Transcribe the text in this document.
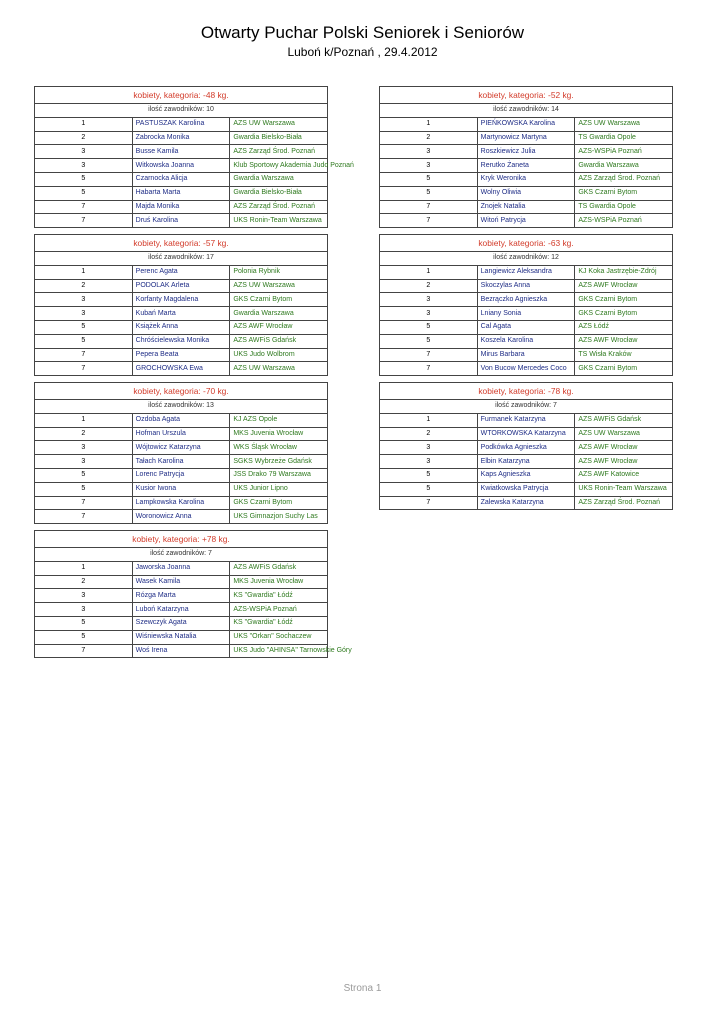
Otwarty Puchar Polski Seniorek i Seniorów
Luboń k/Poznań , 29.4.2012
kobiety, kategoria: -48 kg.		
ilość zawodników: 10		
1	PASTUSZAK Karolina	AZS UW Warszawa
2	Zabrocka Monika	Gwardia Bielsko-Biała
3	Busse Kamila	AZS Zarząd Środ. Poznań
3	Witkowska Joanna	Klub Sportowy Akademia Judo Poznań
5	Czarnocka Alicja	Gwardia Warszawa
5	Habarta Marta	Gwardia Bielsko-Biała
7	Majda Monika	AZS Zarząd Środ. Poznań
7	Druś Karolina	UKS Ronin-Team Warszawa
kobiety, kategoria: -52 kg.		
ilość zawodników: 14		
1	PIEŃKOWSKA Karolina	AZS UW Warszawa
2	Martynowicz Martyna	TS Gwardia Opole
3	Roszkiewicz Julia	AZS-WSPiA Poznań
3	Rerutko Żaneta	Gwardia Warszawa
5	Kryk Weronika	AZS Zarząd Środ. Poznań
5	Wolny Oliwia	GKS Czarni Bytom
7	Znojek Natalia	TS Gwardia Opole
7	Witoń Patrycja	AZS-WSPiA Poznań
kobiety, kategoria: -57 kg.		
ilość zawodników: 17		
1	Perenc Agata	Polonia Rybnik
2	PODOLAK Arleta	AZS UW Warszawa
3	Korfanty Magdalena	GKS Czarni Bytom
3	Kubań Marta	Gwardia Warszawa
5	Książek Anna	AZS AWF Wrocław
5	Chróścielewska Monika	AZS AWFiS Gdańsk
7	Pepera Beata	UKS Judo Wolbrom
7	GROCHOWSKA Ewa	AZS UW Warszawa
kobiety, kategoria: -63 kg.		
ilość zawodników: 12		
1	Langiewicz Aleksandra	KJ Koka Jastrzębie-Zdrój
2	Skoczylas Anna	AZS AWF Wrocław
3	Bezrączko Agnieszka	GKS Czarni Bytom
3	Lniany Sonia	GKS Czarni Bytom
5	Cal Agata	AZS Łódź
5	Koszela Karolina	AZS AWF Wrocław
7	Mirus Barbara	TS Wisła Kraków
7	Von Bucow Mercedes Coco	GKS Czarni Bytom
kobiety, kategoria: -70 kg.		
ilość zawodników: 13		
1	Ozdoba Agata	KJ AZS Opole
2	Hofman Urszula	MKS Juvenia Wrocław
3	Wójtowicz Katarzyna	WKS Śląsk Wrocław
3	Tałach Karolina	SGKS Wybrzeże Gdańsk
5	Lorenc Patrycja	JSS Drako 79 Warszawa
5	Kusior Iwona	UKS Junior Lipno
7	Lampkowska Karolina	GKS Czarni Bytom
7	Woronowicz Anna	UKS Gimnazjon Suchy Las
kobiety, kategoria: -78 kg.		
ilość zawodników: 7		
1	Furmanek Katarzyna	AZS AWFiS Gdańsk
2	WTORKOWSKA Katarzyna	AZS UW Warszawa
3	Podkówka Agnieszka	AZS AWF Wrocław
3	Elbin Katarzyna	AZS AWF Wrocław
5	Kaps Agnieszka	AZS AWF Katowice
5	Kwiatkowska Patrycja	UKS Ronin-Team Warszawa
7	Zalewska Katarzyna	AZS Zarząd Środ. Poznań
kobiety, kategoria: +78 kg.		
ilość zawodników: 7		
1	Jaworska Joanna	AZS AWFiS Gdańsk
2	Wasek Kamila	MKS Juvenia Wrocław
3	Rózga Marta	KS "Gwardia" Łódź
3	Luboń Katarzyna	AZS-WSPiA Poznań
5	Szewczyk Agata	KS "Gwardia" Łódź
5	Wiśniewska Natalia	UKS "Orkan" Sochaczew
7	Woś Irena	UKS Judo "AHINSA" Tarnowskie Góry
Strona 1
